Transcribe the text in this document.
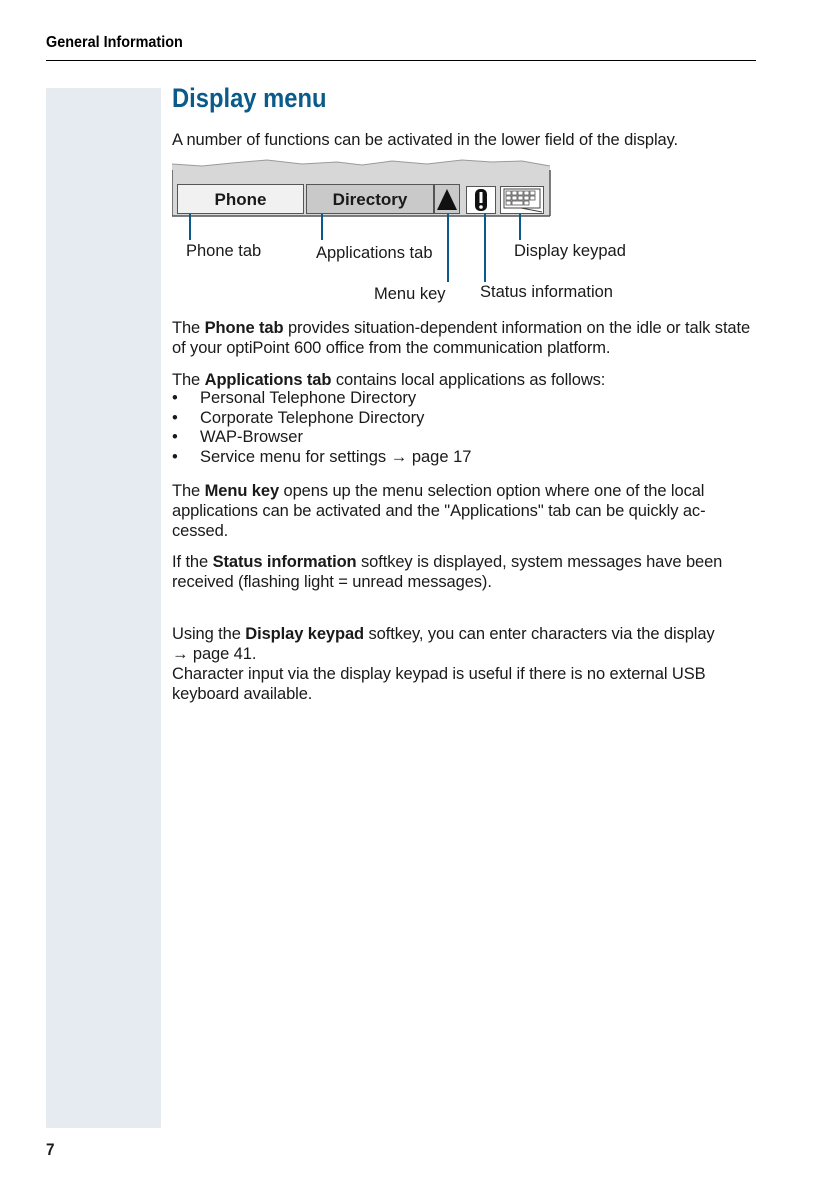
General Information
7
Display menu
A number of functions can be activated in the lower field of the display.
Phone	Directory
Phone tab	Applications tab	Display keypad
Menu key Status information
The Phone tab provides situation-dependent information on the idle or talk state of your optiPoint 600 office from the communication platform.
The Applications tab contains local applications as follows:
• Personal Telephone Directory
• Corporate Telephone Directory
• WAP-Browser
• Service menu for settings → page 17
The Menu key opens up the menu selection option where one of the local applications can be activated and the "Applications" tab can be quickly ac-cessed.
If the Status information softkey is displayed, system messages have been received (flashing light = unread messages).
Using the Display keypad softkey, you can enter characters via the display
→ page 41.
Character input via the display keypad is useful if there is no external USB keyboard available.
